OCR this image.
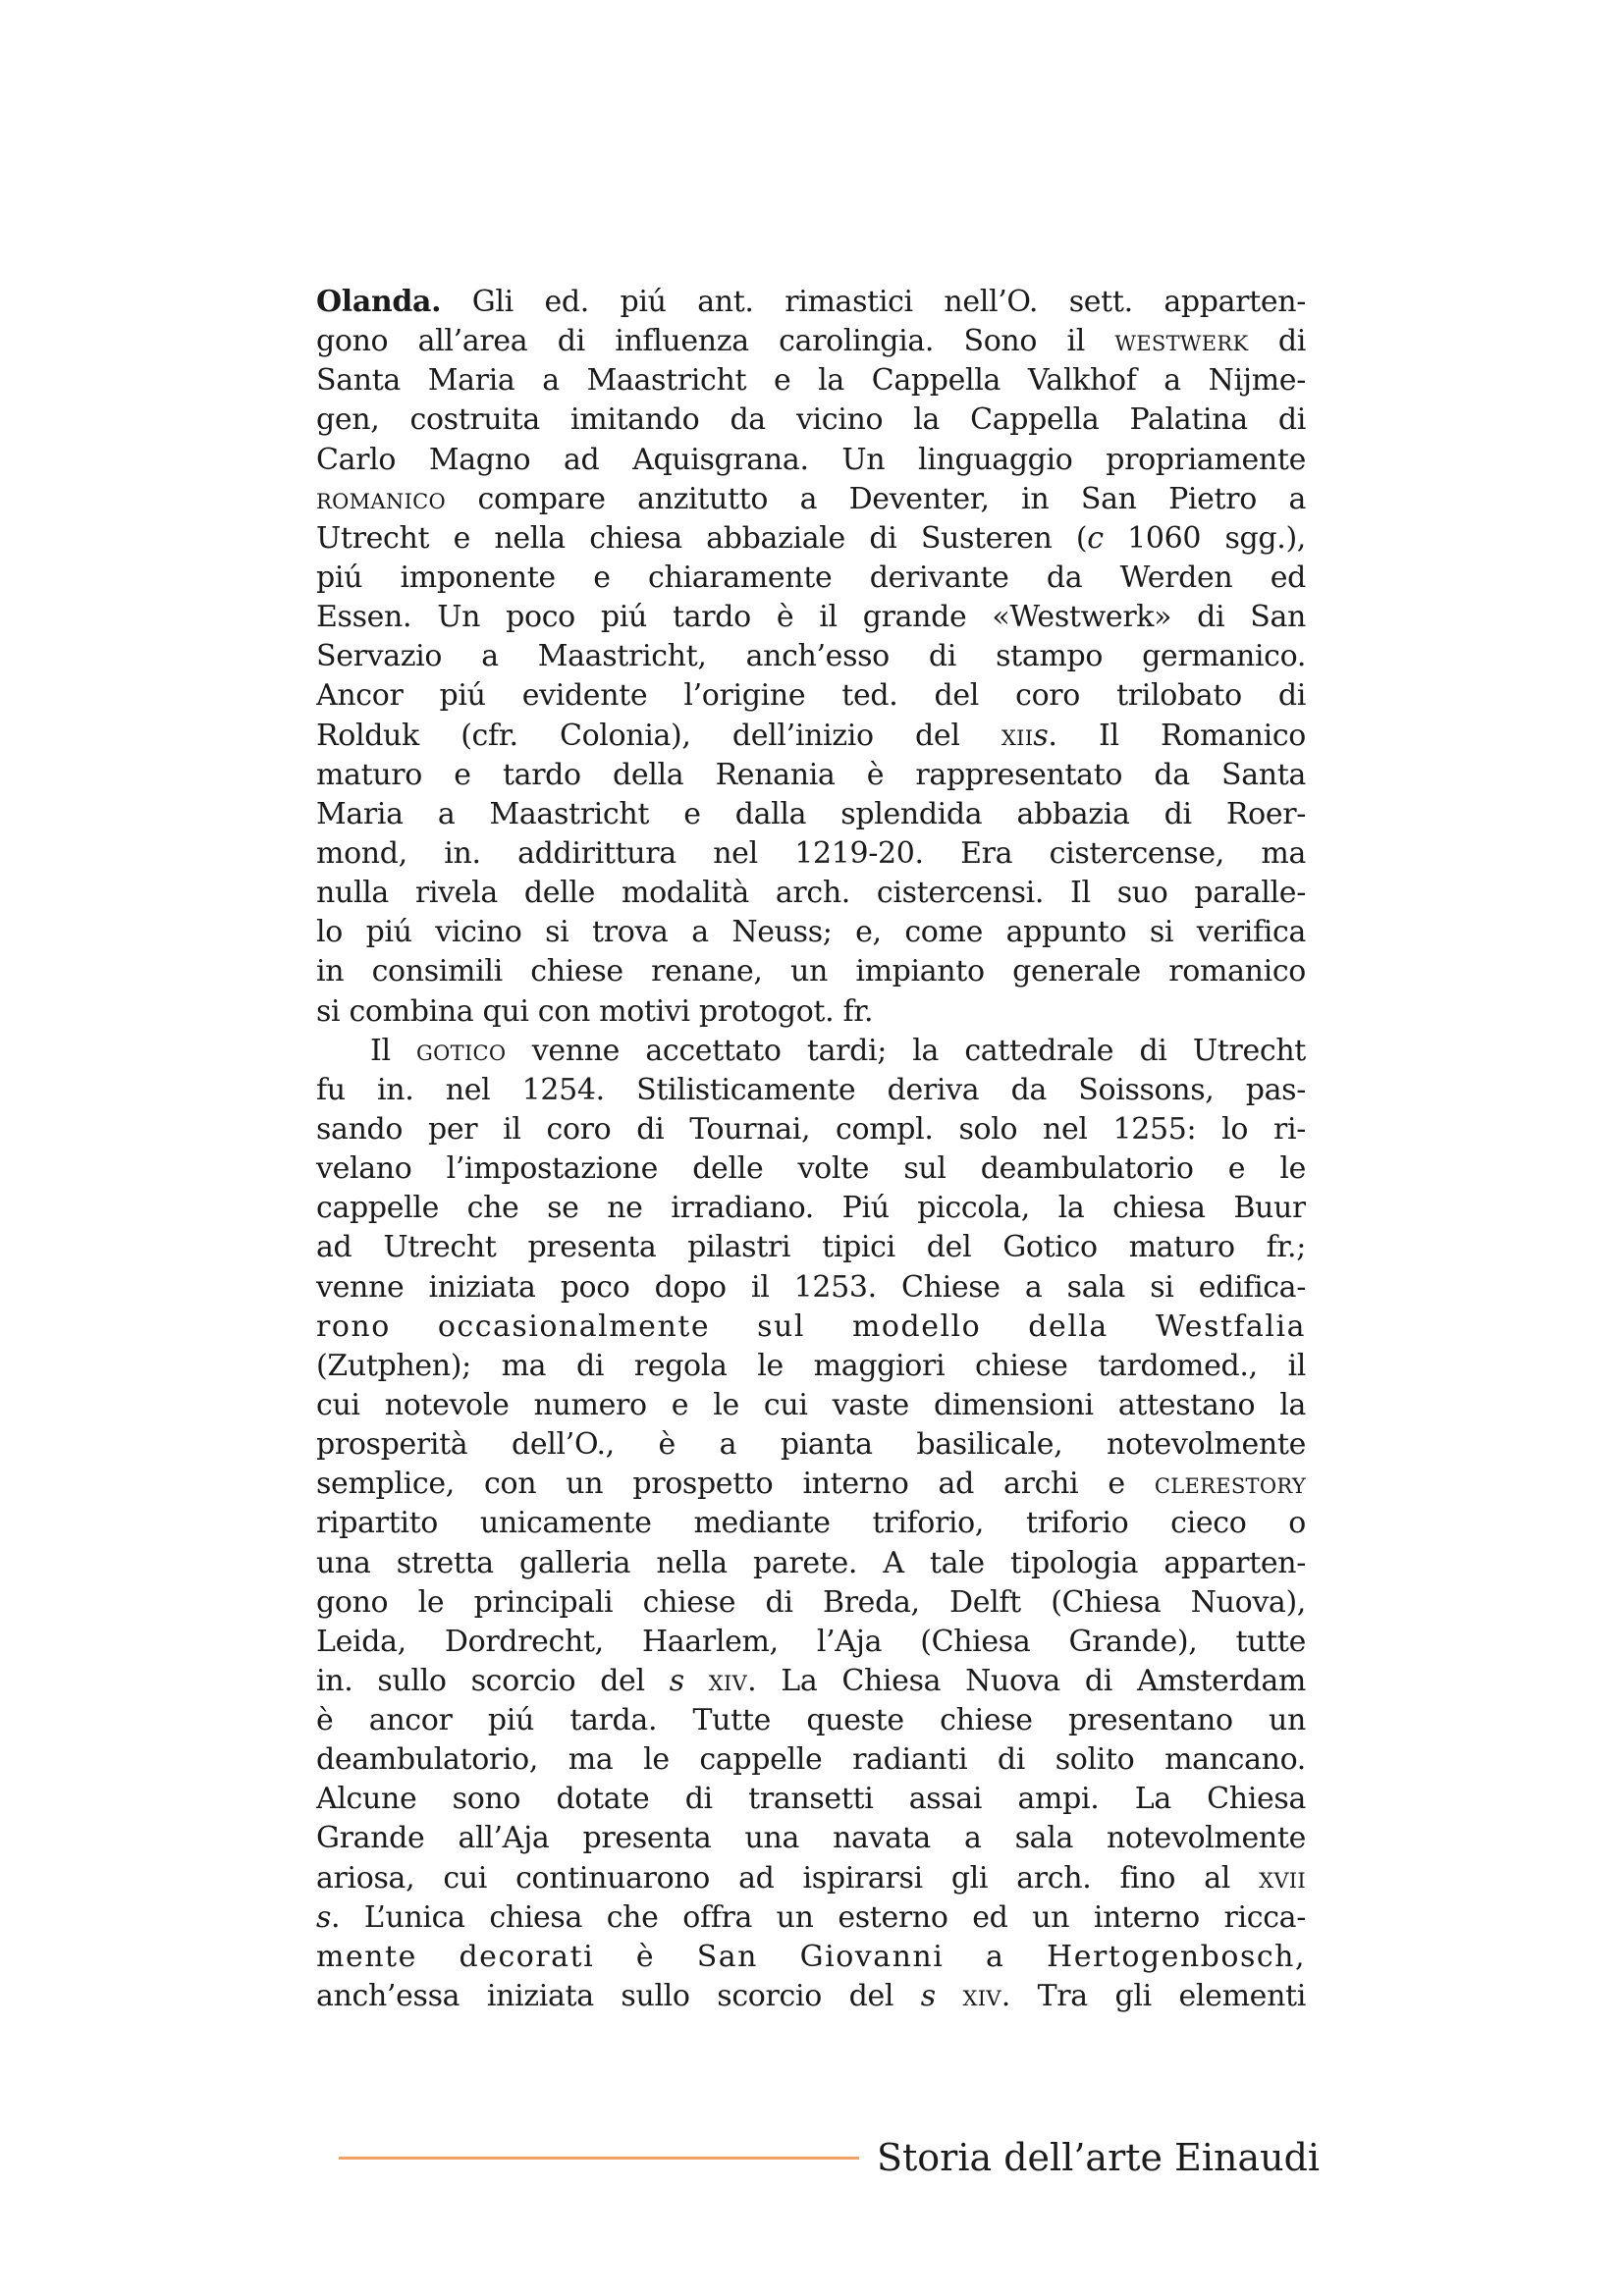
Olanda. Gli ed. piú ant. rimastici nell’O. sett. apparten-
gono all’area di influenza carolingia. Sono il westwerk di
Santa Maria a Maastricht e la Cappella Valkhof a Nijme-
gen, costruita imitando da vicino la Cappella Palatina di
Carlo Magno ad Aquisgrana. Un linguaggio propriamente
romanico compare anzitutto a Deventer, in San Pietro a
Utrecht e nella chiesa abbaziale di Susteren (c 1060 sgg.),
piú imponente e chiaramente derivante da Werden ed
Essen. Un poco piú tardo è il grande «Westwerk» di San
Servazio a Maastricht, anch’esso di stampo germanico.
Ancor piú evidente l’origine ted. del coro trilobato di
Rolduk (cfr. Colonia), dell’inizio del xiis. Il Romanico
maturo e tardo della Renania è rappresentato da Santa
Maria a Maastricht e dalla splendida abbazia di Roer-
mond, in. addirittura nel 1219-20. Era cistercense, ma
nulla rivela delle modalità arch. cistercensi. Il suo paralle-
lo piú vicino si trova a Neuss; e, come appunto si verifica
in consimili chiese renane, un impianto generale romanico
si combina qui con motivi protogot. fr.
Il gotico venne accettato tardi; la cattedrale di Utrecht
fu in. nel 1254. Stilisticamente deriva da Soissons, pas-
sando per il coro di Tournai, compl. solo nel 1255: lo ri-
velano l’impostazione delle volte sul deambulatorio e le
cappelle che se ne irradiano. Piú piccola, la chiesa Buur
ad Utrecht presenta pilastri tipici del Gotico maturo fr.;
venne iniziata poco dopo il 1253. Chiese a sala si edifica-
rono occasionalmente sul modello della Westfalia
(Zutphen); ma di regola le maggiori chiese tardomed., il
cui notevole numero e le cui vaste dimensioni attestano la
prosperità dell’O., è a pianta basilicale, notevolmente
semplice, con un prospetto interno ad archi e clerestory
ripartito unicamente mediante triforio, triforio cieco o
una stretta galleria nella parete. A tale tipologia apparten-
gono le principali chiese di Breda, Delft (Chiesa Nuova),
Leida, Dordrecht, Haarlem, l’Aja (Chiesa Grande), tutte
in. sullo scorcio del s xiv. La Chiesa Nuova di Amsterdam
è ancor piú tarda. Tutte queste chiese presentano un
deambulatorio, ma le cappelle radianti di solito mancano.
Alcune sono dotate di transetti assai ampi. La Chiesa
Grande all’Aja presenta una navata a sala notevolmente
ariosa, cui continuarono ad ispirarsi gli arch. fino al xvii
s. L’unica chiesa che offra un esterno ed un interno ricca-
mente decorati è San Giovanni a Hertogenbosch,
anch’essa iniziata sullo scorcio del s xiv. Tra gli elementi
Storia dell’arte Einaudi
